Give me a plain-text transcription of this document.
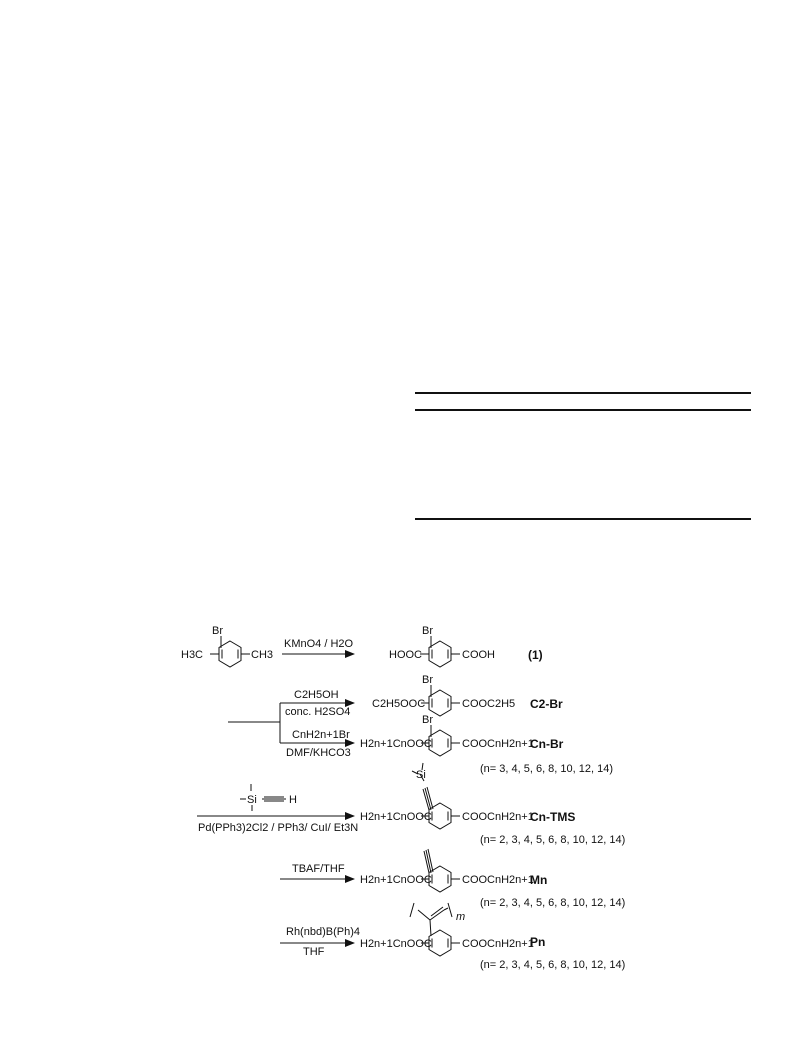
Br
H3C	CH3
KMnO4 / H2O
Br
HOOC	COOH	(1)
C2H5OH
conc. H2SO4
Br
C2H5OOC	COOC2H5 C2-Br
CnH2n+1Br
DMF/KHCO3
Br
H2n+1CnOOC	COOCnH2n+1
Cn-Br
(n= 3, 4, 5, 6, 8, 10, 12, 14)
Si	H
Pd(PPh3)2Cl2 / PPh3/ CuI/ Et3N
Si
H2n+1CnOOC	COOCnH2n+1
Cn-TMS
(n= 2, 3, 4, 5, 6, 8, 10, 12, 14)
TBAF/THF
H2n+1CnOOC	COOCnH2n+1
Mn
(n= 2, 3, 4, 5, 6, 8, 10, 12, 14)
Rh(nbd)B(Ph)4
THF
m
H2n+1CnOOC	COOCnH2n+1
Pn
(n= 2, 3, 4, 5, 6, 8, 10, 12, 14)
